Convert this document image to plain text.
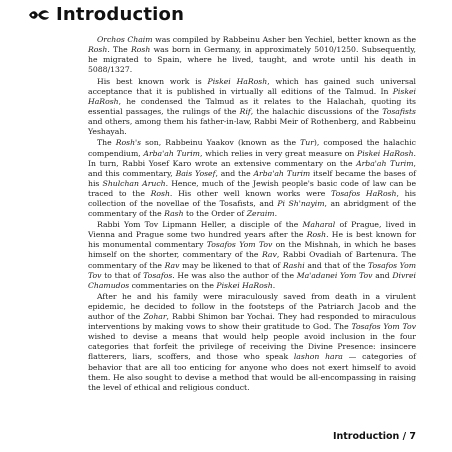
Introduction

Orchos Chaim was compiled by Rabbeinu Asher ben Yechiel, better known as the Rosh. The Rosh was born in Germany, in approximately 5010/1250. Subsequently, he migrated to Spain, where he lived, taught, and wrote until his death in 5088/1327.

His best known work is Piskei HaRosh, which has gained such universal acceptance that it is published in virtually all editions of the Talmud. In Piskei HaRosh, he condensed the Talmud as it relates to the Halachah, quoting its essential passages, the rulings of the Rif, the halachic discussions of the Tosafists and others, among them his father-in-law, Rabbi Meir of Rothenberg, and Rabbeinu Yeshayah.

The Rosh's son, Rabbeinu Yaakov (known as the Tur), composed the halachic compendium, Arba'ah Turim, which relies in very great measure on Piskei HaRosh. In turn, Rabbi Yosef Karo wrote an extensive commentary on the Arba'ah Turim, and this commentary, Bais Yosef, and the Arba'ah Turim itself became the bases of his Shulchan Aruch. Hence, much of the Jewish people's basic code of law can be traced to the Rosh. His other well known works were Tosafos HaRosh, his collection of the novellae of the Tosafists, and Pi Sh'nayim, an abridgment of the commentary of the Rash to the Order of Zeraim.

Rabbi Yom Tov Lipmann Heller, a disciple of the Maharal of Prague, lived in Vienna and Prague some two hundred years after the Rosh. He is best known for his monumental commentary Tosafos Yom Tov on the Mishnah, in which he bases himself on the shorter, commentary of the Rav, Rabbi Ovadiah of Bartenura. The commentary of the Rav may be likened to that of Rashi and that of the Tosafos Yom Tov to that of Tosafos. He was also the author of the Ma'adanei Yom Tov and Divrei Chamudos commentaries on the Piskei HaRosh.

After he and his family were miraculously saved from death in a virulent epidemic, he decided to follow in the footsteps of the Patriarch Jacob and the author of the Zohar, Rabbi Shimon bar Yochai. They had responded to miraculous interventions by making vows to show their gratitude to God. The Tosafos Yom Tov wished to devise a means that would help people avoid inclusion in the four categories that forfeit the privilege of receiving the Divine Presence: insincere flatterers, liars, scoffers, and those who speak lashon hara — categories of behavior that are all too enticing for anyone who does not exert himself to avoid them. He also sought to devise a method that would be all-encompassing in raising the level of ethical and religious conduct.

Introduction / 7
